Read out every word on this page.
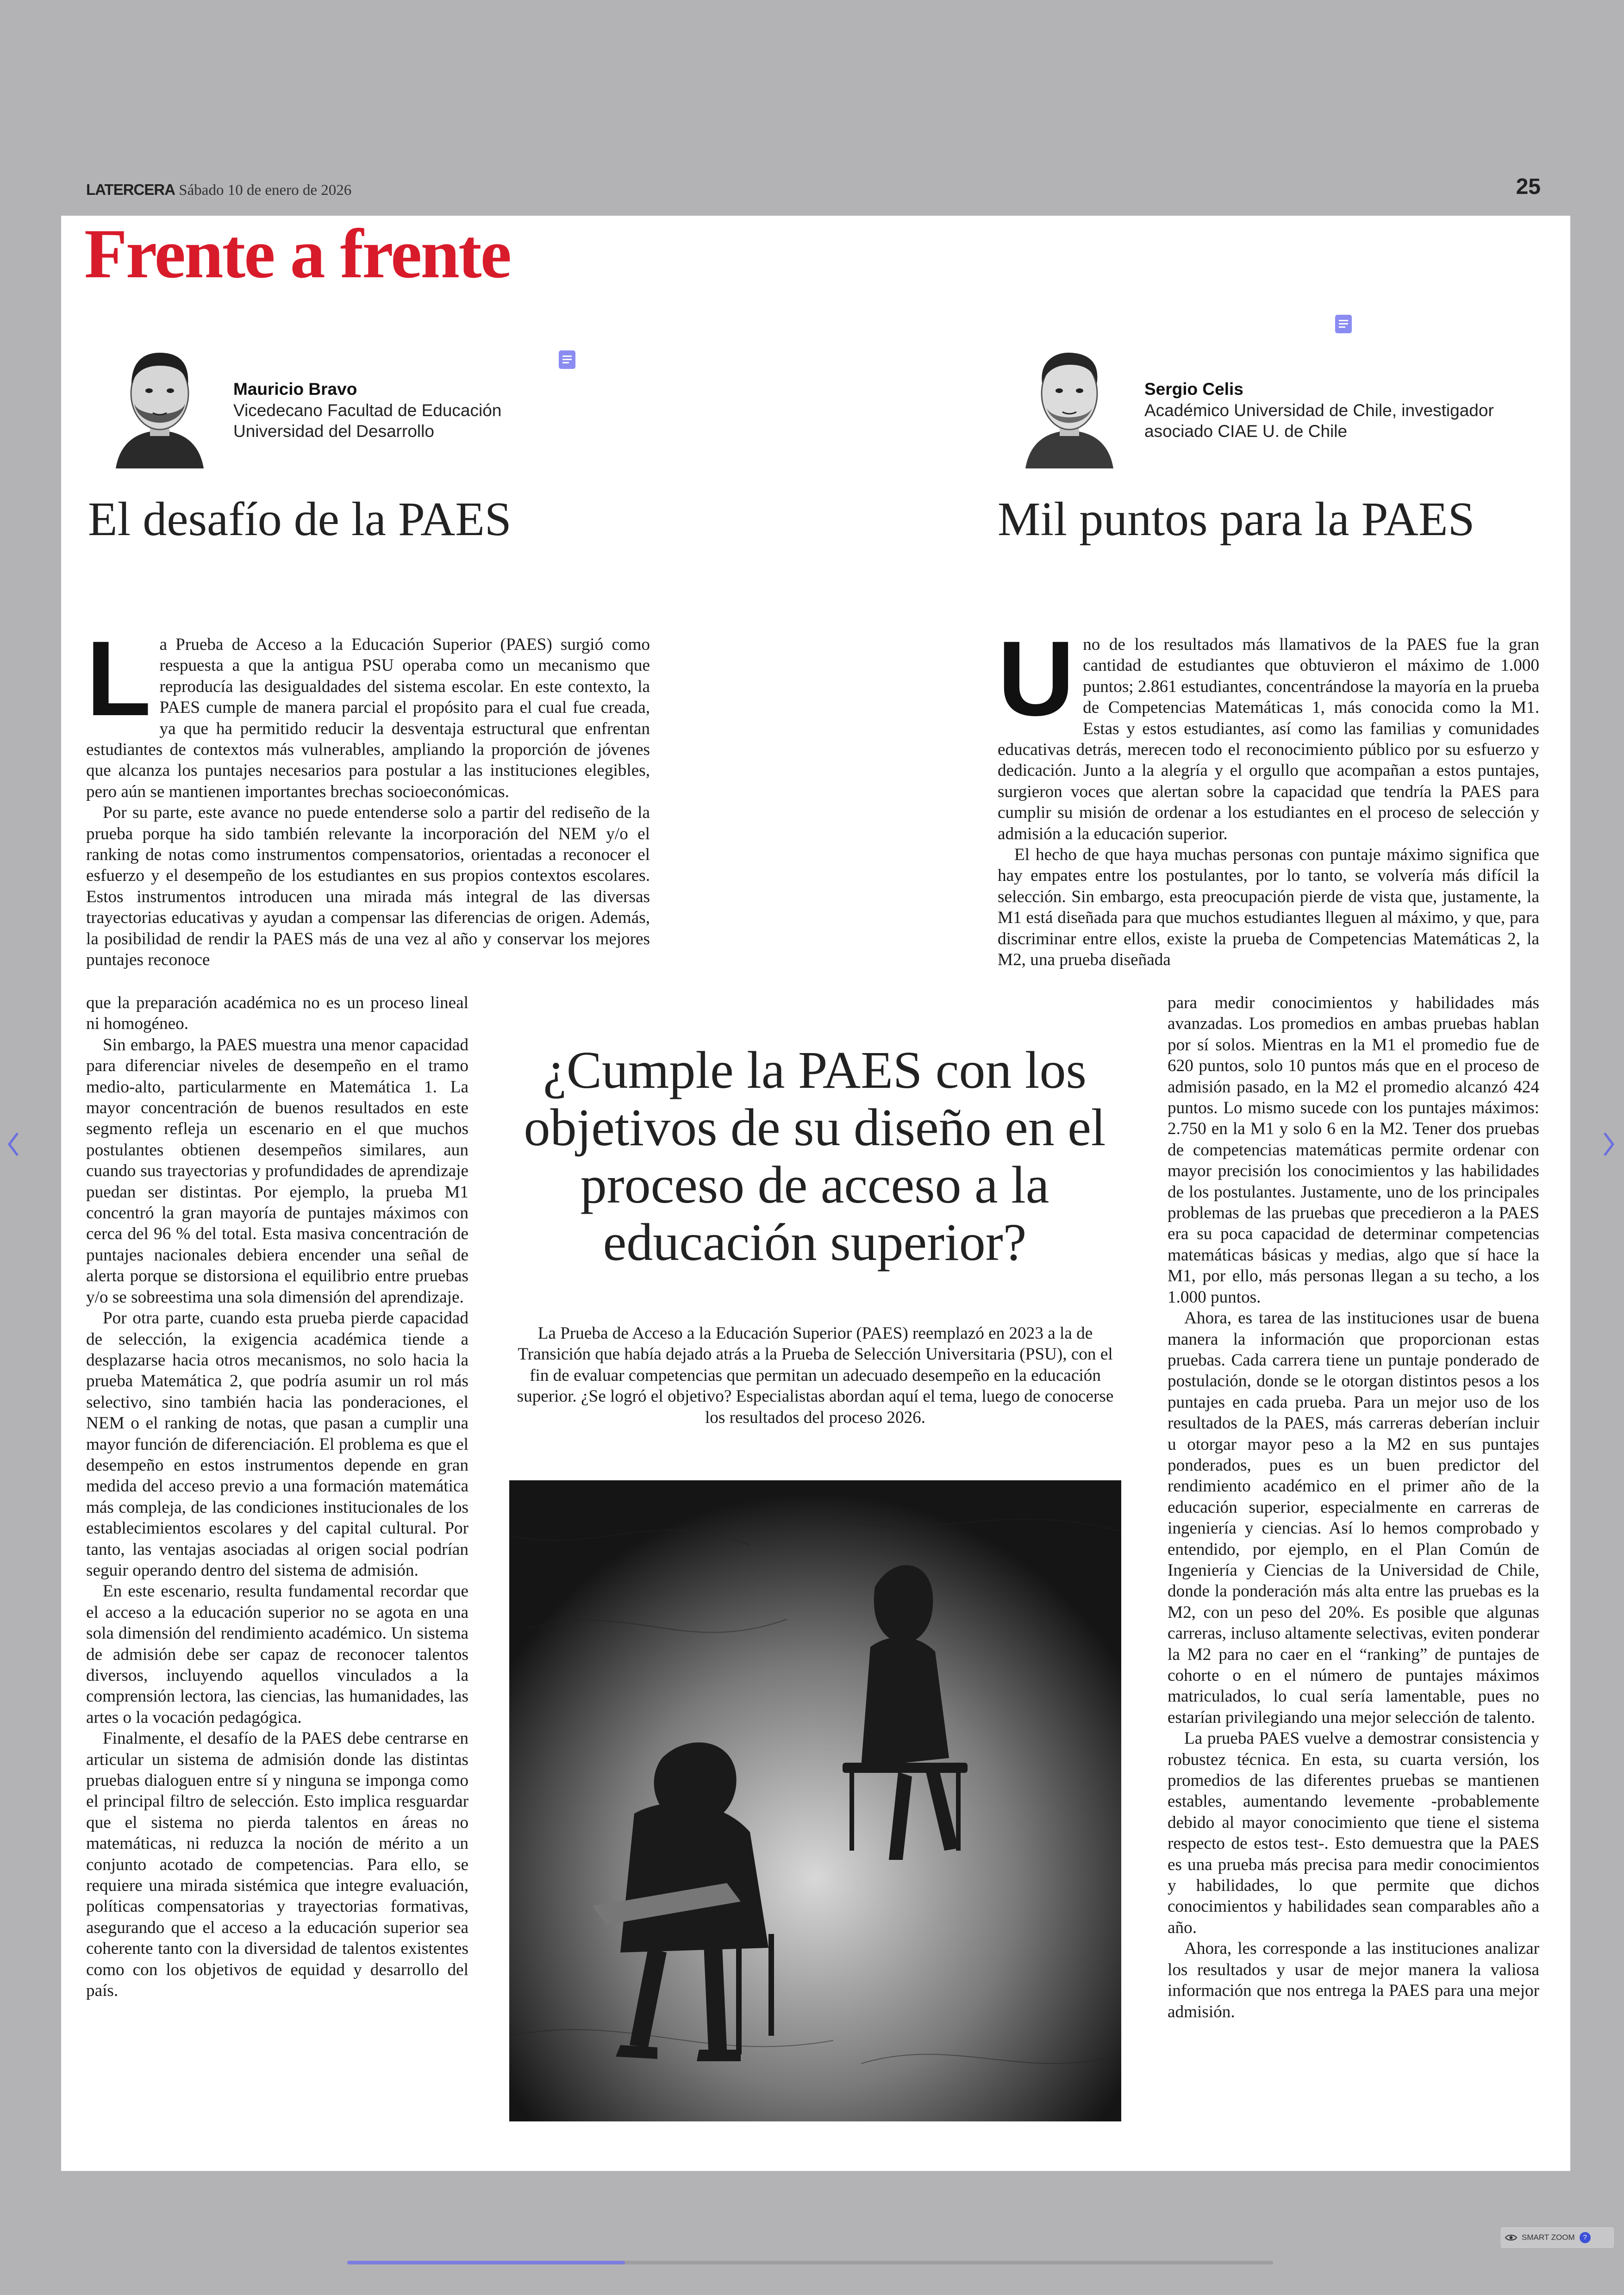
LATERCERA Sábado 10 de enero de 2026	25
Frente a frente
Mauricio Bravo
Vicedecano Facultad de Educación
Universidad del Desarrollo
Sergio Celis
Académico Universidad de Chile, investigador
asociado CIAE U. de Chile
El desafío de la PAES	Mil puntos para la PAES
L a Prueba de Acceso a la Educación Superior (PAES) surgió como respuesta a que la antigua PSU operaba como un mecanismo que reproducía las desigualdades del sistema escolar. En este contexto, la PAES cumple de manera parcial el propósito para el cual fue creada, ya que ha permitido reducir la desventaja estructural que enfrentan estudiantes de contextos más vulnerables, ampliando la proporción de jóvenes que alcanza los puntajes necesarios para postular a las instituciones elegibles, pero aún se mantienen importantes brechas socioeconómicas.

Por su parte, este avance no puede entenderse solo a partir del rediseño de la prueba porque ha sido también relevante la incorporación del NEM y/o el ranking de notas como instrumentos compensatorios, orientadas a reconocer el esfuerzo y el desempeño de los estudiantes en sus propios contextos escolares. Estos instrumentos introducen una mirada más integral de las diversas trayectorias educativas y ayudan a compensar las diferencias de origen. Además, la posibilidad de rendir la PAES más de una vez al año y conservar los mejores puntajes reconoce

que la preparación académica no es un proceso lineal ni homogéneo.

Sin embargo, la PAES muestra una menor capacidad para diferenciar niveles de desempeño en el tramo medio-alto, particularmente en Matemática 1. La mayor concentración de buenos resultados en este segmento refleja un escenario en el que muchos postulantes obtienen desempeños similares, aun cuando sus trayectorias y profundidades de aprendizaje puedan ser distintas. Por ejemplo, la prueba M1 concentró la gran mayoría de puntajes máximos con cerca del 96 % del total. Esta masiva concentración de puntajes nacionales debiera encender una señal de alerta porque se distorsiona el equilibrio entre pruebas y/o se sobreestima una sola dimensión del aprendizaje.

Por otra parte, cuando esta prueba pierde capacidad de selección, la exigencia académica tiende a desplazarse hacia otros mecanismos, no solo hacia la prueba Matemática 2, que podría asumir un rol más selectivo, sino también hacia las ponderaciones, el NEM o el ranking de notas, que pasan a cumplir una mayor función de diferenciación. El problema es que el desempeño en estos instrumentos depende en gran medida del acceso previo a una formación matemática más compleja, de las condiciones institucionales de los establecimientos escolares y del capital cultural. Por tanto, las ventajas asociadas al origen social podrían seguir operando dentro del sistema de admisión.

En este escenario, resulta fundamental recordar que el acceso a la educación superior no se agota en una sola dimensión del rendimiento académico. Un sistema de admisión debe ser capaz de reconocer talentos diversos, incluyendo aquellos vinculados a la comprensión lectora, las ciencias, las humanidades, las artes o la vocación pedagógica.

Finalmente, el desafío de la PAES debe centrarse en articular un sistema de admisión donde las distintas pruebas dialoguen entre sí y ninguna se imponga como el principal filtro de selección. Esto implica resguardar que el sistema no pierda talentos en áreas no matemáticas, ni reduzca la noción de mérito a un conjunto acotado de competencias. Para ello, se requiere una mirada sistémica que integre evaluación, políticas compensatorias y trayectorias formativas, asegurando que el acceso a la educación superior sea coherente tanto con la diversidad de talentos existentes como con los objetivos de equidad y desarrollo del país.

U no de los resultados más llamativos de la PAES fue la gran cantidad de estudiantes que obtuvieron el máximo de 1.000 puntos; 2.861 estudiantes, concentrándose la mayoría en la prueba de Competencias Matemáticas 1, más conocida como la M1. Estas y estos estudiantes, así como las familias y comunidades educativas detrás, merecen todo el reconocimiento público por su esfuerzo y dedicación. Junto a la alegría y el orgullo que acompañan a estos puntajes, surgieron voces que alertan sobre la capacidad que tendría la PAES para cumplir su misión de ordenar a los estudiantes en el proceso de selección y admisión a la educación superior.

El hecho de que haya muchas personas con puntaje máximo significa que hay empates entre los postulantes, por lo tanto, se volvería más difícil la selección. Sin embargo, esta preocupación pierde de vista que, justamente, la M1 está diseñada para que muchos estudiantes lleguen al máximo, y que, para discriminar entre ellos, existe la prueba de Competencias Matemáticas 2, la M2, una prueba diseñada

para medir conocimientos y habilidades más avanzadas. Los promedios en ambas pruebas hablan por sí solos. Mientras en la M1 el promedio fue de 620 puntos, solo 10 puntos más que en el proceso de admisión pasado, en la M2 el promedio alcanzó 424 puntos. Lo mismo sucede con los puntajes máximos: 2.750 en la M1 y solo 6 en la M2. Tener dos pruebas de competencias matemáticas permite ordenar con mayor precisión los conocimientos y las habilidades de los postulantes. Justamente, uno de los principales problemas de las pruebas que precedieron a la PAES era su poca capacidad de determinar competencias matemáticas básicas y medias, algo que sí hace la M1, por ello, más personas llegan a su techo, a los 1.000 puntos.

Ahora, es tarea de las instituciones usar de buena manera la información que proporcionan estas pruebas. Cada carrera tiene un puntaje ponderado de postulación, donde se le otorgan distintos pesos a los puntajes en cada prueba. Para un mejor uso de los resultados de la PAES, más carreras deberían incluir u otorgar mayor peso a la M2 en sus puntajes ponderados, pues es un buen predictor del rendimiento académico en el primer año de la educación superior, especialmente en carreras de ingeniería y ciencias. Así lo hemos comprobado y entendido, por ejemplo, en el Plan Común de Ingeniería y Ciencias de la Universidad de Chile, donde la ponderación más alta entre las pruebas es la M2, con un peso del 20%. Es posible que algunas carreras, incluso altamente selectivas, eviten ponderar la M2 para no caer en el “ranking” de puntajes de cohorte o en el número de puntajes máximos matriculados, lo cual sería lamentable, pues no estarían privilegiando una mejor selección de talento.

La prueba PAES vuelve a demostrar consistencia y robustez técnica. En esta, su cuarta versión, los promedios de las diferentes pruebas se mantienen estables, aumentando levemente -probablemente debido al mayor conocimiento que tiene el sistema respecto de estos test-. Esto demuestra que la PAES es una prueba más precisa para medir conocimientos y habilidades, lo que permite que dichos conocimientos y habilidades sean comparables año a año.

Ahora, les corresponde a las instituciones analizar los resultados y usar de mejor manera la valiosa información que nos entrega la PAES para una mejor admisión.

¿Cumple la PAES con los objetivos de su diseño en el proceso de acceso a la educación superior?
La Prueba de Acceso a la Educación Superior (PAES) reemplazó en 2023 a la de Transición que había dejado atrás a la Prueba de Selección Universitaria (PSU), con el fin de evaluar competencias que permitan un adecuado desempeño en la educación superior. ¿Se logró el objetivo? Especialistas abordan aquí el tema, luego de conocerse los resultados del proceso 2026.
SMART ZOOM	?
